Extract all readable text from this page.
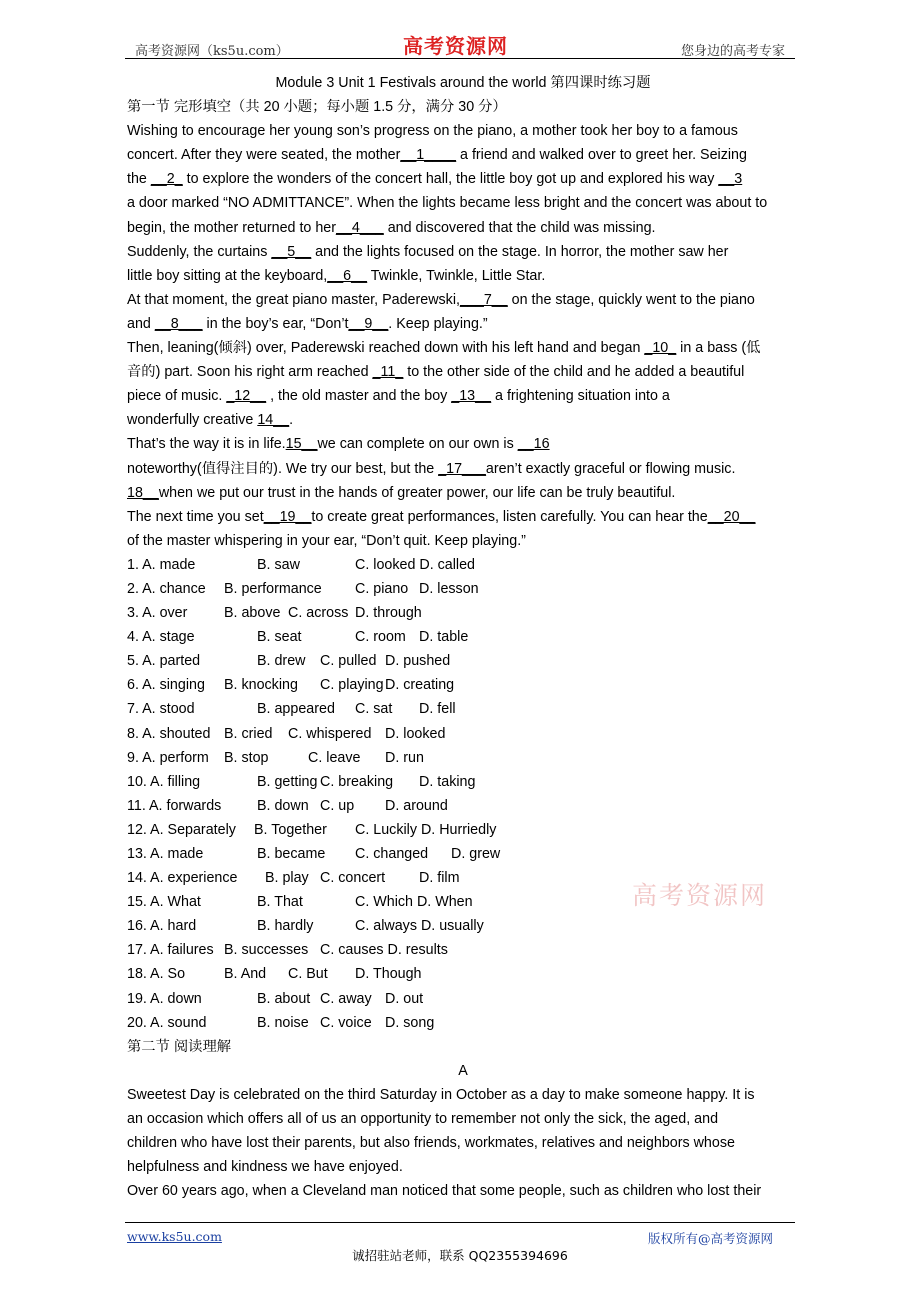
高考资源网（ks5u.com）	高考资源网	您身边的高考专家
Module 3 Unit 1 Festivals around the world 第四课时练习题
第一节 完形填空（共 20 小题；每小题 1.5 分，满分 30 分）
Wishing to encourage her young son’s progress on the piano, a mother took her boy to a famous
concert. After they were seated, the mother__1____ a friend and walked over to greet her. Seizing
the __2_ to explore the wonders of the concert hall, the little boy got up and explored his way __3
a door marked “NO ADMITTANCE”. When the lights became less bright and the concert was about to
begin, the mother returned to her__4___ and discovered that the child was missing.
Suddenly, the curtains __5__ and the lights focused on the stage. In horror, the mother saw her
little boy sitting at the keyboard,__6__ Twinkle, Twinkle, Little Star.
At that moment, the great piano master, Paderewski,___7__ on the stage, quickly went to the piano
and __8___ in the boy’s ear, “Don’t__9__. Keep playing.”
Then, leaning(倾斜) over, Paderewski reached down with his left hand and began _10_ in a bass (低
音的) part. Soon his right arm reached _11_ to the other side of the child and he added a beautiful
piece of music. _12__ , the old master and the boy _13__ a frightening situation into a
wonderfully creative 14__.
That’s the way it is in life.15__we can complete on our own is __16
noteworthy(值得注目的). We try our best, but the _17___aren’t exactly graceful or flowing music.
18__when we put our trust in the hands of greater power, our life can be truly beautiful.
The next time you set__19__to create great performances, listen carefully. You can hear the__20__
of the master whispering in your ear, “Don’t quit. Keep playing.”
1. A. made	B. saw	C. looked D. called
2. A. chance B. performance C. piano D. lesson
3. A. over	B. above C. across D. through
4. A. stage	B. seat	C. room D. table
5. A. parted	B. drew C. pulled D. pushed
6. A. singing B. knocking C. playing D. creating
7. A. stood	B. appeared C. sat D. fell
8. A. shouted B. cried C. whispered D. looked
9. A. perform B. stop	C. leave D. run
10. A. filling	B. getting C. breaking D. taking
11. A. forwards B. down C. up D. around
12. A. Separately B. Together C. Luckily D. Hurriedly
13. A. made	B. became C. changed D. grew
14. A. experience B. play C. concert D. film
15. A. What	B. That	C. Which D. When
16. A. hard	B. hardly	C. always D. usually
17. A. failures B. successes C. causes D. results
18. A. So	B. And C. But D. Though
19. A. down	B. about C. away D. out
20. A. sound	B. noise C. voice D. song
第二节 阅读理解
A
Sweetest Day is celebrated on the third Saturday in October as a day to make someone happy. It is
an occasion which offers all of us an opportunity to remember not only the sick, the aged, and
children who have lost their parents, but also friends, workmates, relatives and neighbors whose
helpfulness and kindness we have enjoyed.
Over 60 years ago, when a Cleveland man noticed that some people, such as children who lost their
高考资源网
www.ks5u.com	版权所有@高考资源网
诚招驻站老师，联系 QQ2355394696
